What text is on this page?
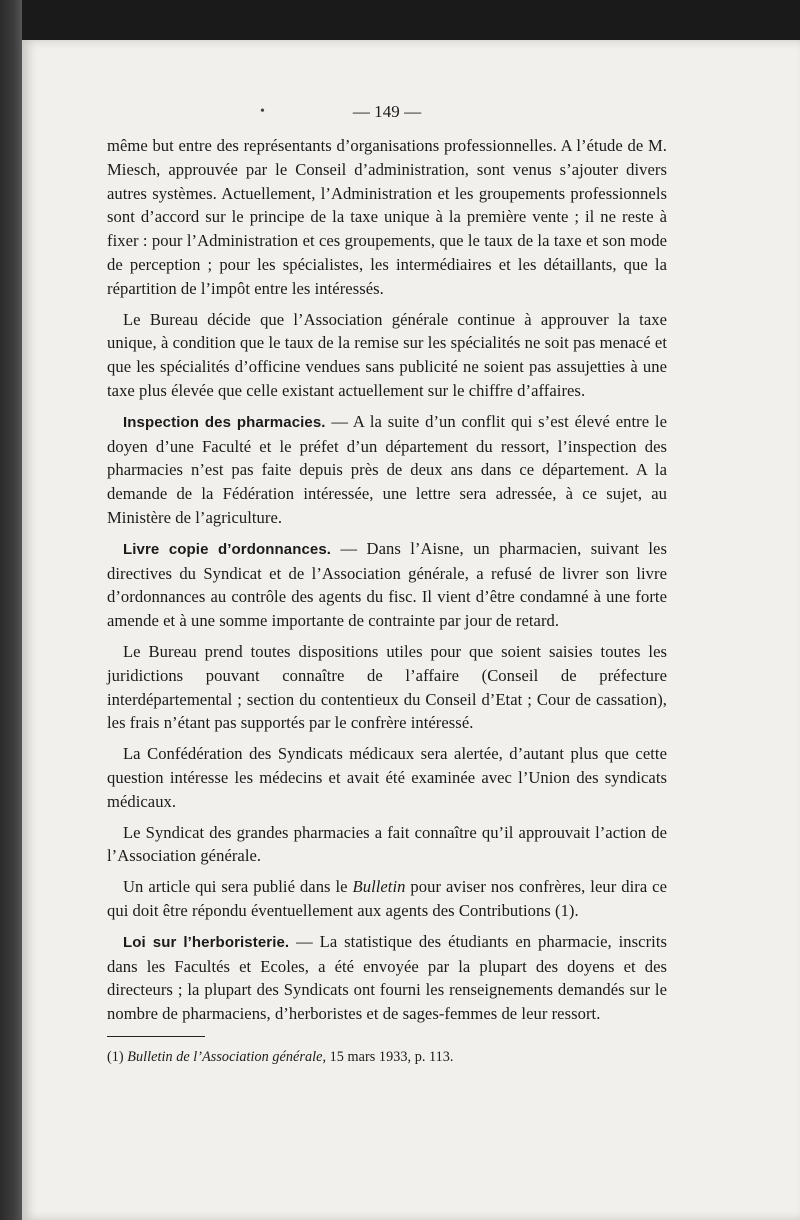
•	— 149 —

même but entre des représentants d’organisations professionnelles. A l’étude de M. Miesch, approuvée par le Conseil d’administration, sont venus s’ajouter divers autres systèmes. Actuellement, l’Administration et les groupements professionnels sont d’accord sur le principe de la taxe unique à la première vente ; il ne reste à fixer : pour l’Administration et ces groupements, que le taux de la taxe et son mode de perception ; pour les spécialistes, les intermédiaires et les détaillants, que la répartition de l’impôt entre les intéressés.

Le Bureau décide que l’Association générale continue à approuver la taxe unique, à condition que le taux de la remise sur les spécialités ne soit pas menacé et que les spécialités d’officine vendues sans publicité ne soient pas assujetties à une taxe plus élevée que celle existant actuellement sur le chiffre d’affaires.

Inspection des pharmacies. — A la suite d’un conflit qui s’est élevé entre le doyen d’une Faculté et le préfet d’un département du ressort, l’inspection des pharmacies n’est pas faite depuis près de deux ans dans ce département. A la demande de la Fédération intéressée, une lettre sera adressée, à ce sujet, au Ministère de l’agriculture.

Livre copie d’ordonnances. — Dans l’Aisne, un pharmacien, suivant les directives du Syndicat et de l’Association générale, a refusé de livrer son livre d’ordonnances au contrôle des agents du fisc. Il vient d’être condamné à une forte amende et à une somme importante de contrainte par jour de retard.

Le Bureau prend toutes dispositions utiles pour que soient saisies toutes les juridictions pouvant connaître de l’affaire (Conseil de préfecture interdépartemental ; section du contentieux du Conseil d’Etat ; Cour de cassation), les frais n’étant pas supportés par le confrère intéressé.

La Confédération des Syndicats médicaux sera alertée, d’autant plus que cette question intéresse les médecins et avait été examinée avec l’Union des syndicats médicaux.

Le Syndicat des grandes pharmacies a fait connaître qu’il approuvait l’action de l’Association générale.

Un article qui sera publié dans le Bulletin pour aviser nos confrères, leur dira ce qui doit être répondu éventuellement aux agents des Contributions (1).

Loi sur l’herboristerie. — La statistique des étudiants en pharmacie, inscrits dans les Facultés et Ecoles, a été envoyée par la plupart des doyens et des directeurs ; la plupart des Syndicats ont fourni les renseignements demandés sur le nombre de pharmaciens, d’herboristes et de sages-femmes de leur ressort.

(1) Bulletin de l’Association générale, 15 mars 1933, p. 113.
